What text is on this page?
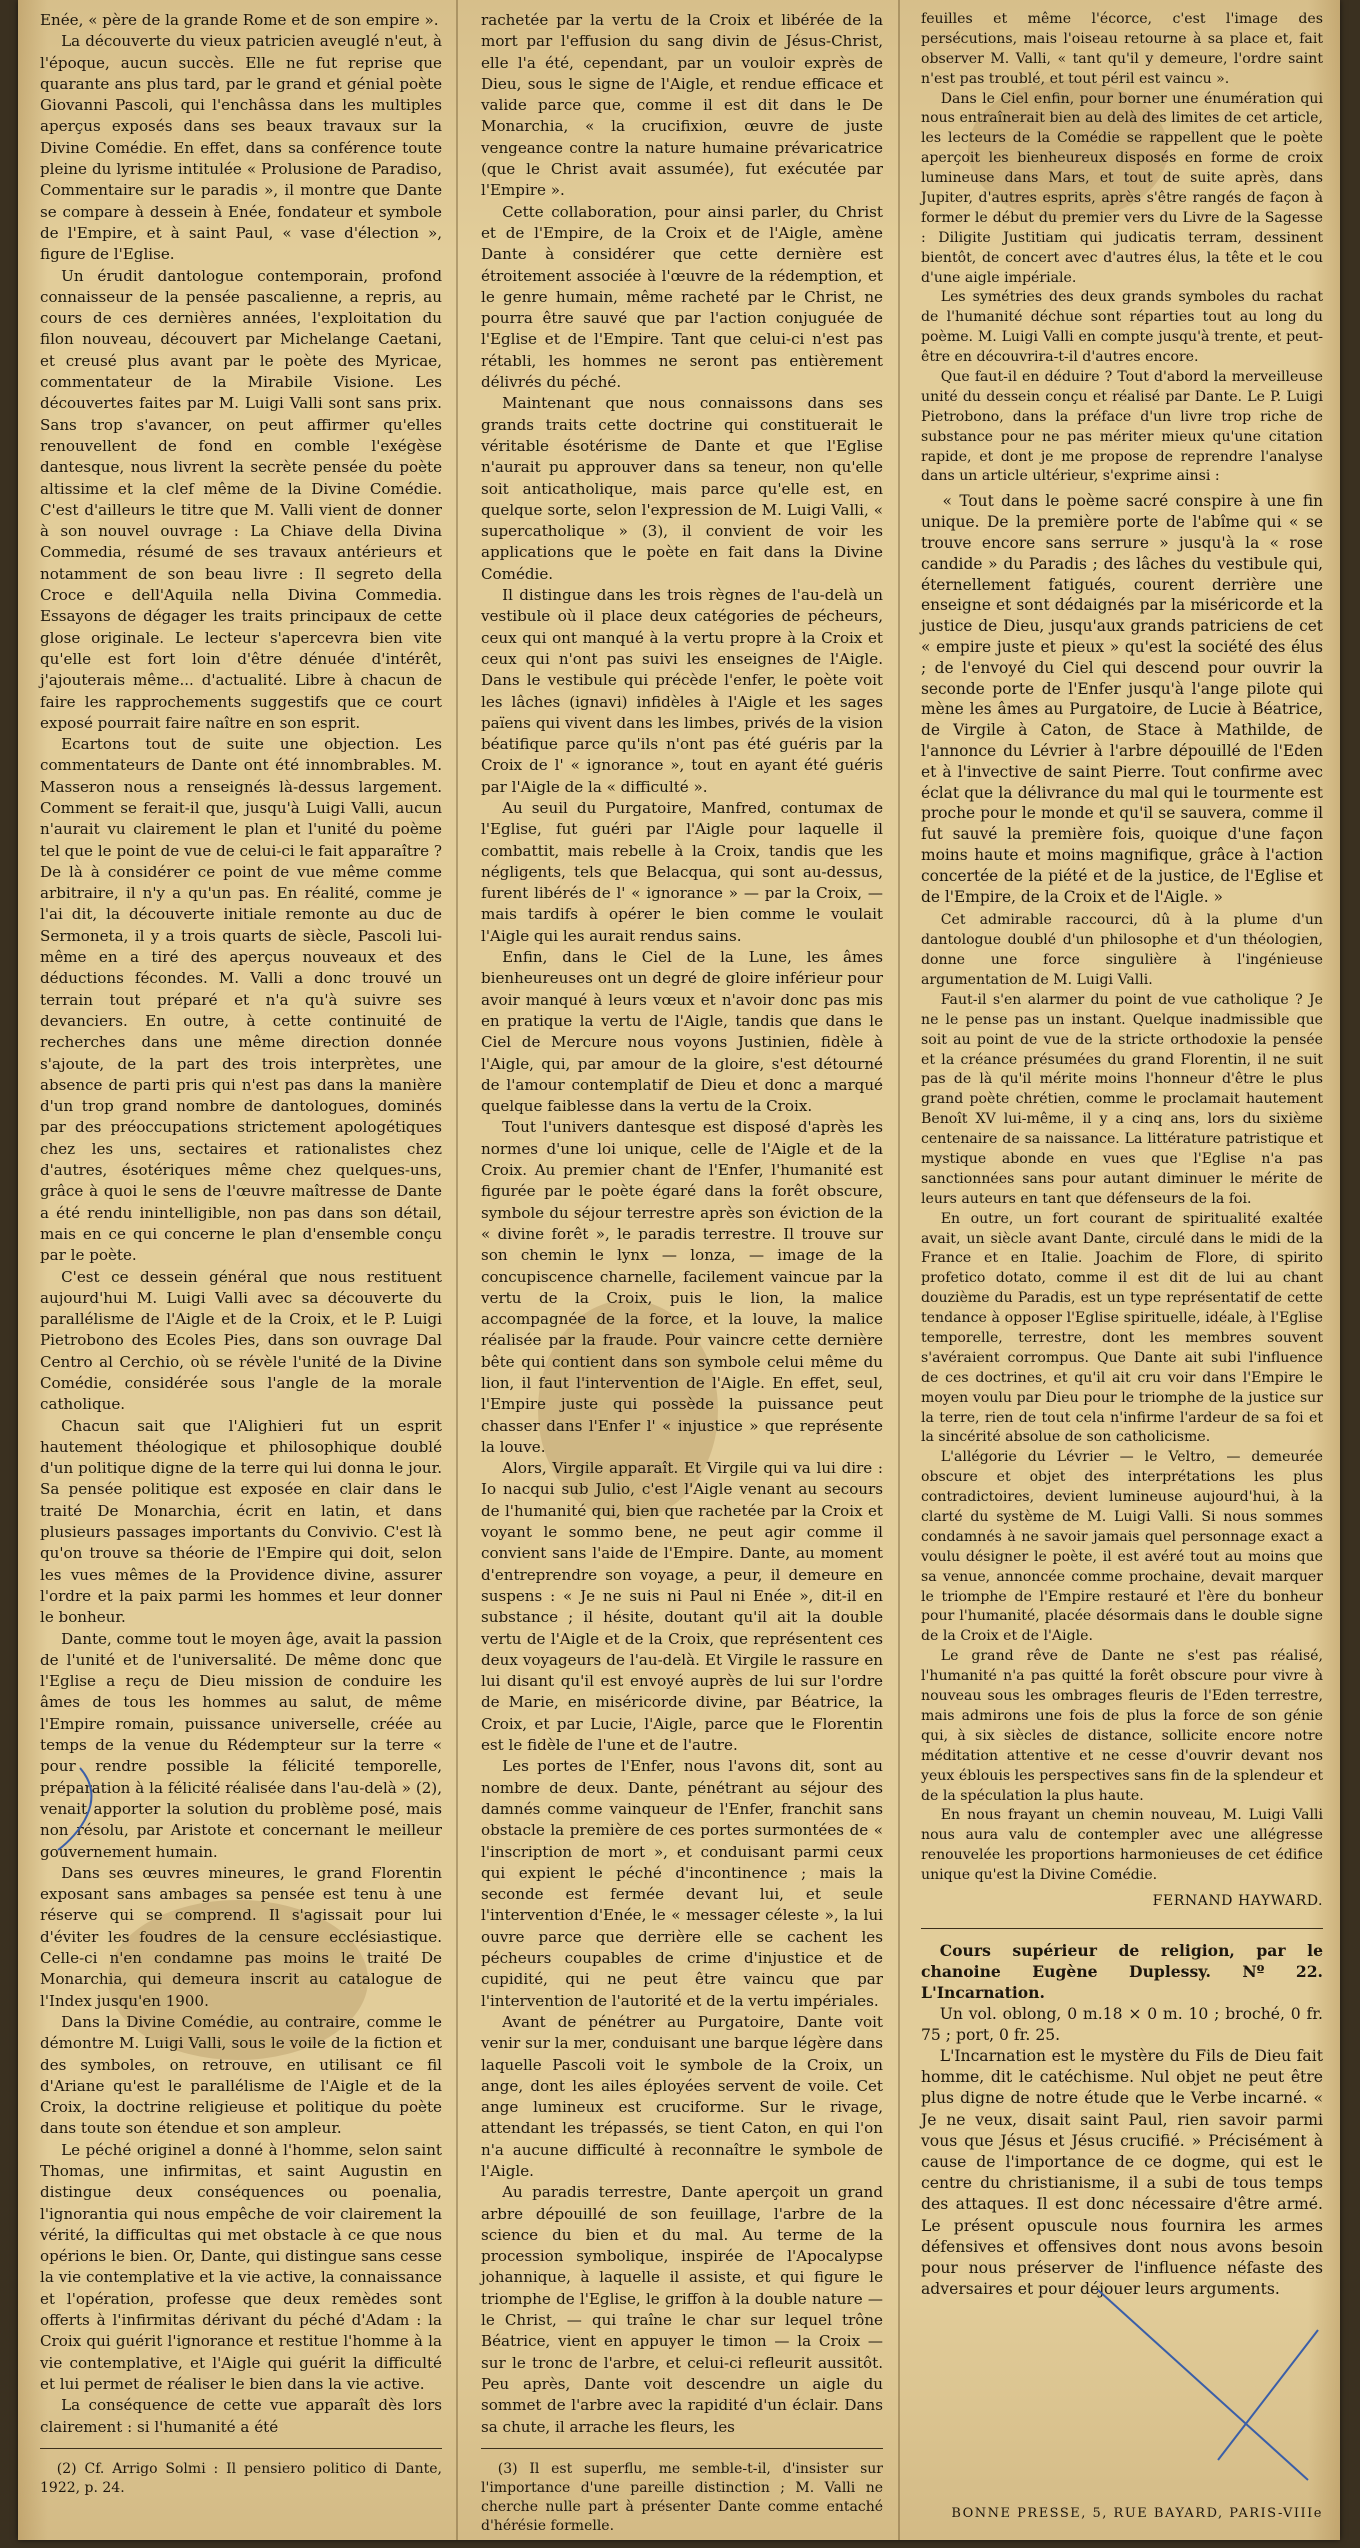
Enée, « père de la grande Rome et de son empire ».

La découverte du vieux patricien aveuglé n'eut, à l'époque, aucun succès. Elle ne fut reprise que quarante ans plus tard, par le grand et génial poète Giovanni Pascoli, qui l'enchâssa dans les multiples aperçus exposés dans ses beaux travaux sur la Divine Comédie. En effet, dans sa conférence toute pleine du lyrisme intitulée « Prolusione de Paradiso, Commentaire sur le paradis », il montre que Dante se compare à dessein à Enée, fondateur et symbole de l'Empire, et à saint Paul, « vase d'élection », figure de l'Eglise.

Un érudit dantologue contemporain, profond connaisseur de la pensée pascalienne, a repris, au cours de ces dernières années, l'exploitation du filon nouveau, découvert par Michelange Caetani, et creusé plus avant par le poète des Myricae, commentateur de la Mirabile Visione. Les découvertes faites par M. Luigi Valli sont sans prix. Sans trop s'avancer, on peut affirmer qu'elles renouvellent de fond en comble l'exégèse dantesque, nous livrent la secrète pensée du poète altissime et la clef même de la Divine Comédie. C'est d'ailleurs le titre que M. Valli vient de donner à son nouvel ouvrage : La Chiave della Divina Commedia, résumé de ses travaux antérieurs et notamment de son beau livre : Il segreto della Croce e dell'Aquila nella Divina Commedia. Essayons de dégager les traits principaux de cette glose originale. Le lecteur s'apercevra bien vite qu'elle est fort loin d'être dénuée d'intérêt, j'ajouterais même... d'actualité. Libre à chacun de faire les rapprochements suggestifs que ce court exposé pourrait faire naître en son esprit.

Ecartons tout de suite une objection. Les commentateurs de Dante ont été innombrables. M. Masseron nous a renseignés là-dessus largement. Comment se ferait-il que, jusqu'à Luigi Valli, aucun n'aurait vu clairement le plan et l'unité du poème tel que le point de vue de celui-ci le fait apparaître ? De là à considérer ce point de vue même comme arbitraire, il n'y a qu'un pas. En réalité, comme je l'ai dit, la découverte initiale remonte au duc de Sermoneta, il y a trois quarts de siècle, Pascoli lui-même en a tiré des aperçus nouveaux et des déductions fécondes. M. Valli a donc trouvé un terrain tout préparé et n'a qu'à suivre ses devanciers. En outre, à cette continuité de recherches dans une même direction donnée s'ajoute, de la part des trois interprètes, une absence de parti pris qui n'est pas dans la manière d'un trop grand nombre de dantologues, dominés par des préoccupations strictement apologétiques chez les uns, sectaires et rationalistes chez d'autres, ésotériques même chez quelques-uns, grâce à quoi le sens de l'œuvre maîtresse de Dante a été rendu inintelligible, non pas dans son détail, mais en ce qui concerne le plan d'ensemble conçu par le poète.

C'est ce dessein général que nous restituent aujourd'hui M. Luigi Valli avec sa découverte du parallélisme de l'Aigle et de la Croix, et le P. Luigi Pietrobono des Ecoles Pies, dans son ouvrage Dal Centro al Cerchio, où se révèle l'unité de la Divine Comédie, considérée sous l'angle de la morale catholique.

Chacun sait que l'Alighieri fut un esprit hautement théologique et philosophique doublé d'un politique digne de la terre qui lui donna le jour. Sa pensée politique est exposée en clair dans le traité De Monarchia, écrit en latin, et dans plusieurs passages importants du Convivio. C'est là qu'on trouve sa théorie de l'Empire qui doit, selon les vues mêmes de la Providence divine, assurer l'ordre et la paix parmi les hommes et leur donner le bonheur.

Dante, comme tout le moyen âge, avait la passion de l'unité et de l'universalité. De même donc que l'Eglise a reçu de Dieu mission de conduire les âmes de tous les hommes au salut, de même l'Empire romain, puissance universelle, créée au temps de la venue du Rédempteur sur la terre « pour rendre possible la félicité temporelle, préparation à la félicité réalisée dans l'au-delà » (2), venait apporter la solution du problème posé, mais non résolu, par Aristote et concernant le meilleur gouvernement humain.

Dans ses œuvres mineures, le grand Florentin exposant sans ambages sa pensée est tenu à une réserve qui se comprend. Il s'agissait pour lui d'éviter les foudres de la censure ecclésiastique. Celle-ci n'en condamne pas moins le traité De Monarchia, qui demeura inscrit au catalogue de l'Index jusqu'en 1900.

Dans la Divine Comédie, au contraire, comme le démontre M. Luigi Valli, sous le voile de la fiction et des symboles, on retrouve, en utilisant ce fil d'Ariane qu'est le parallélisme de l'Aigle et de la Croix, la doctrine religieuse et politique du poète dans toute son étendue et son ampleur.

Le péché originel a donné à l'homme, selon saint Thomas, une infirmitas, et saint Augustin en distingue deux conséquences ou poenalia, l'ignorantia qui nous empêche de voir clairement la vérité, la difficultas qui met obstacle à ce que nous opérions le bien. Or, Dante, qui distingue sans cesse la vie contemplative et la vie active, la connaissance et l'opération, professe que deux remèdes sont offerts à l'infirmitas dérivant du péché d'Adam : la Croix qui guérit l'ignorance et restitue l'homme à la vie contemplative, et l'Aigle qui guérit la difficulté et lui permet de réaliser le bien dans la vie active.

La conséquence de cette vue apparaît dès lors clairement : si l'humanité a été

rachetée par la vertu de la Croix et libérée de la mort par l'effusion du sang divin de Jésus-Christ, elle l'a été, cependant, par un vouloir exprès de Dieu, sous le signe de l'Aigle, et rendue efficace et valide parce que, comme il est dit dans le De Monarchia, « la crucifixion, œuvre de juste vengeance contre la nature humaine prévaricatrice (que le Christ avait assumée), fut exécutée par l'Empire ».

Cette collaboration, pour ainsi parler, du Christ et de l'Empire, de la Croix et de l'Aigle, amène Dante à considérer que cette dernière est étroitement associée à l'œuvre de la rédemption, et le genre humain, même racheté par le Christ, ne pourra être sauvé que par l'action conjuguée de l'Eglise et de l'Empire. Tant que celui-ci n'est pas rétabli, les hommes ne seront pas entièrement délivrés du péché.

Maintenant que nous connaissons dans ses grands traits cette doctrine qui constituerait le véritable ésotérisme de Dante et que l'Eglise n'aurait pu approuver dans sa teneur, non qu'elle soit anticatholique, mais parce qu'elle est, en quelque sorte, selon l'expression de M. Luigi Valli, « supercatholique » (3), il convient de voir les applications que le poète en fait dans la Divine Comédie.

Il distingue dans les trois règnes de l'au-delà un vestibule où il place deux catégories de pécheurs, ceux qui ont manqué à la vertu propre à la Croix et ceux qui n'ont pas suivi les enseignes de l'Aigle. Dans le vestibule qui précède l'enfer, le poète voit les lâches (ignavi) infidèles à l'Aigle et les sages païens qui vivent dans les limbes, privés de la vision béatifique parce qu'ils n'ont pas été guéris par la Croix de l' « ignorance », tout en ayant été guéris par l'Aigle de la « difficulté ».

Au seuil du Purgatoire, Manfred, contumax de l'Eglise, fut guéri par l'Aigle pour laquelle il combattit, mais rebelle à la Croix, tandis que les négligents, tels que Belacqua, qui sont au-dessus, furent libérés de l' « ignorance » — par la Croix, — mais tardifs à opérer le bien comme le voulait l'Aigle qui les aurait rendus sains.

Enfin, dans le Ciel de la Lune, les âmes bienheureuses ont un degré de gloire inférieur pour avoir manqué à leurs vœux et n'avoir donc pas mis en pratique la vertu de l'Aigle, tandis que dans le Ciel de Mercure nous voyons Justinien, fidèle à l'Aigle, qui, par amour de la gloire, s'est détourné de l'amour contemplatif de Dieu et donc a marqué quelque faiblesse dans la vertu de la Croix.

Tout l'univers dantesque est disposé d'après les normes d'une loi unique, celle de l'Aigle et de la Croix. Au premier chant de l'Enfer, l'humanité est figurée par le poète égaré dans la forêt obscure, symbole du séjour terrestre après son éviction de la « divine forêt », le paradis terrestre. Il trouve sur son chemin le lynx — lonza, — image de la concupiscence charnelle, facilement vaincue par la vertu de la Croix, puis le lion, la malice accompagnée de la force, et la louve, la malice réalisée par la fraude. Pour vaincre cette dernière bête qui contient dans son symbole celui même du lion, il faut l'intervention de l'Aigle. En effet, seul, l'Empire juste qui possède la puissance peut chasser dans l'Enfer l' « injustice » que représente la louve.

Alors, Virgile apparaît. Et Virgile qui va lui dire : Io nacqui sub Julio, c'est l'Aigle venant au secours de l'humanité qui, bien que rachetée par la Croix et voyant le sommo bene, ne peut agir comme il convient sans l'aide de l'Empire. Dante, au moment d'entreprendre son voyage, a peur, il demeure en suspens : « Je ne suis ni Paul ni Enée », dit-il en substance ; il hésite, doutant qu'il ait la double vertu de l'Aigle et de la Croix, que représentent ces deux voyageurs de l'au-delà. Et Virgile le rassure en lui disant qu'il est envoyé auprès de lui sur l'ordre de Marie, en miséricorde divine, par Béatrice, la Croix, et par Lucie, l'Aigle, parce que le Florentin est le fidèle de l'une et de l'autre.

Les portes de l'Enfer, nous l'avons dit, sont au nombre de deux. Dante, pénétrant au séjour des damnés comme vainqueur de l'Enfer, franchit sans obstacle la première de ces portes surmontées de « l'inscription de mort », et conduisant parmi ceux qui expient le péché d'incontinence ; mais la seconde est fermée devant lui, et seule l'intervention d'Enée, le « messager céleste », la lui ouvre parce que derrière elle se cachent les pécheurs coupables de crime d'injustice et de cupidité, qui ne peut être vaincu que par l'intervention de l'autorité et de la vertu impériales.

Avant de pénétrer au Purgatoire, Dante voit venir sur la mer, conduisant une barque légère dans laquelle Pascoli voit le symbole de la Croix, un ange, dont les ailes éployées servent de voile. Cet ange lumineux est cruciforme. Sur le rivage, attendant les trépassés, se tient Caton, en qui l'on n'a aucune difficulté à reconnaître le symbole de l'Aigle.

Au paradis terrestre, Dante aperçoit un grand arbre dépouillé de son feuillage, l'arbre de la science du bien et du mal. Au terme de la procession symbolique, inspirée de l'Apocalypse johannique, à laquelle il assiste, et qui figure le triomphe de l'Eglise, le griffon à la double nature — le Christ, — qui traîne le char sur lequel trône Béatrice, vient en appuyer le timon — la Croix — sur le tronc de l'arbre, et celui-ci refleurit aussitôt. Peu après, Dante voit descendre un aigle du sommet de l'arbre avec la rapidité d'un éclair. Dans sa chute, il arrache les fleurs, les

feuilles et même l'écorce, c'est l'image des persécutions, mais l'oiseau retourne à sa place et, fait observer M. Valli, « tant qu'il y demeure, l'ordre saint n'est pas troublé, et tout péril est vaincu ».

Dans le Ciel enfin, pour borner une énumération qui nous entraînerait bien au delà des limites de cet article, les lecteurs de la Comédie se rappellent que le poète aperçoit les bienheureux disposés en forme de croix lumineuse dans Mars, et tout de suite après, dans Jupiter, d'autres esprits, après s'être rangés de façon à former le début du premier vers du Livre de la Sagesse : Diligite Justitiam qui judicatis terram, dessinent bientôt, de concert avec d'autres élus, la tête et le cou d'une aigle impériale.

Les symétries des deux grands symboles du rachat de l'humanité déchue sont réparties tout au long du poème. M. Luigi Valli en compte jusqu'à trente, et peut-être en découvrira-t-il d'autres encore.

Que faut-il en déduire ? Tout d'abord la merveilleuse unité du dessein conçu et réalisé par Dante. Le P. Luigi Pietrobono, dans la préface d'un livre trop riche de substance pour ne pas mériter mieux qu'une citation rapide, et dont je me propose de reprendre l'analyse dans un article ultérieur, s'exprime ainsi :

« Tout dans le poème sacré conspire à une fin unique. De la première porte de l'abîme qui « se trouve encore sans serrure » jusqu'à la « rose candide » du Paradis ; des lâches du vestibule qui, éternellement fatigués, courent derrière une enseigne et sont dédaignés par la miséricorde et la justice de Dieu, jusqu'aux grands patriciens de cet « empire juste et pieux » qu'est la société des élus ; de l'envoyé du Ciel qui descend pour ouvrir la seconde porte de l'Enfer jusqu'à l'ange pilote qui mène les âmes au Purgatoire, de Lucie à Béatrice, de Virgile à Caton, de Stace à Mathilde, de l'annonce du Lévrier à l'arbre dépouillé de l'Eden et à l'invective de saint Pierre. Tout confirme avec éclat que la délivrance du mal qui le tourmente est proche pour le monde et qu'il se sauvera, comme il fut sauvé la première fois, quoique d'une façon moins haute et moins magnifique, grâce à l'action concertée de la piété et de la justice, de l'Eglise et de l'Empire, de la Croix et de l'Aigle. »

Cet admirable raccourci, dû à la plume d'un dantologue doublé d'un philosophe et d'un théologien, donne une force singulière à l'ingénieuse argumentation de M. Luigi Valli.

Faut-il s'en alarmer du point de vue catholique ? Je ne le pense pas un instant. Quelque inadmissible que soit au point de vue de la stricte orthodoxie la pensée et la créance présumées du grand Florentin, il ne suit pas de là qu'il mérite moins l'honneur d'être le plus grand poète chrétien, comme le proclamait hautement Benoît XV lui-même, il y a cinq ans, lors du sixième centenaire de sa naissance. La littérature patristique et mystique abonde en vues que l'Eglise n'a pas sanctionnées sans pour autant diminuer le mérite de leurs auteurs en tant que défenseurs de la foi.

En outre, un fort courant de spiritualité exaltée avait, un siècle avant Dante, circulé dans le midi de la France et en Italie. Joachim de Flore, di spirito profetico dotato, comme il est dit de lui au chant douzième du Paradis, est un type représentatif de cette tendance à opposer l'Eglise spirituelle, idéale, à l'Eglise temporelle, terrestre, dont les membres souvent s'avéraient corrompus. Que Dante ait subi l'influence de ces doctrines, et qu'il ait cru voir dans l'Empire le moyen voulu par Dieu pour le triomphe de la justice sur la terre, rien de tout cela n'infirme l'ardeur de sa foi et la sincérité absolue de son catholicisme.

L'allégorie du Lévrier — le Veltro, — demeurée obscure et objet des interprétations les plus contradictoires, devient lumineuse aujourd'hui, à la clarté du système de M. Luigi Valli. Si nous sommes condamnés à ne savoir jamais quel personnage exact a voulu désigner le poète, il est avéré tout au moins que sa venue, annoncée comme prochaine, devait marquer le triomphe de l'Empire restauré et l'ère du bonheur pour l'humanité, placée désormais dans le double signe de la Croix et de l'Aigle.

Le grand rêve de Dante ne s'est pas réalisé, l'humanité n'a pas quitté la forêt obscure pour vivre à nouveau sous les ombrages fleuris de l'Eden terrestre, mais admirons une fois de plus la force de son génie qui, à six siècles de distance, sollicite encore notre méditation attentive et ne cesse d'ouvrir devant nos yeux éblouis les perspectives sans fin de la splendeur et de la spéculation la plus haute.

En nous frayant un chemin nouveau, M. Luigi Valli nous aura valu de contempler avec une allégresse renouvelée les proportions harmonieuses de cet édifice unique qu'est la Divine Comédie.

FERNAND HAYWARD.

Cours supérieur de religion, par le chanoine Eugène Duplessy. Nº 22. L'Incarnation.

Un vol. oblong, 0 m.18 × 0 m. 10 ; broché, 0 fr. 75 ; port, 0 fr. 25.

L'Incarnation est le mystère du Fils de Dieu fait homme, dit le catéchisme. Nul objet ne peut être plus digne de notre étude que le Verbe incarné. « Je ne veux, disait saint Paul, rien savoir parmi vous que Jésus et Jésus crucifié. » Précisément à cause de l'importance de ce dogme, qui est le centre du christianisme, il a subi de tous temps des attaques. Il est donc nécessaire d'être armé. Le présent opuscule nous fournira les armes défensives et offensives dont nous avons besoin pour nous préserver de l'influence néfaste des adversaires et pour déjouer leurs arguments.

(2) Cf. Arrigo Solmi : Il pensiero politico di Dante, 1922, p. 24.

(3) Il est superflu, me semble-t-il, d'insister sur l'importance d'une pareille distinction ; M. Valli ne cherche nulle part à présenter Dante comme entaché d'hérésie formelle.

BONNE PRESSE, 5, RUE BAYARD, PARIS-VIIIe
